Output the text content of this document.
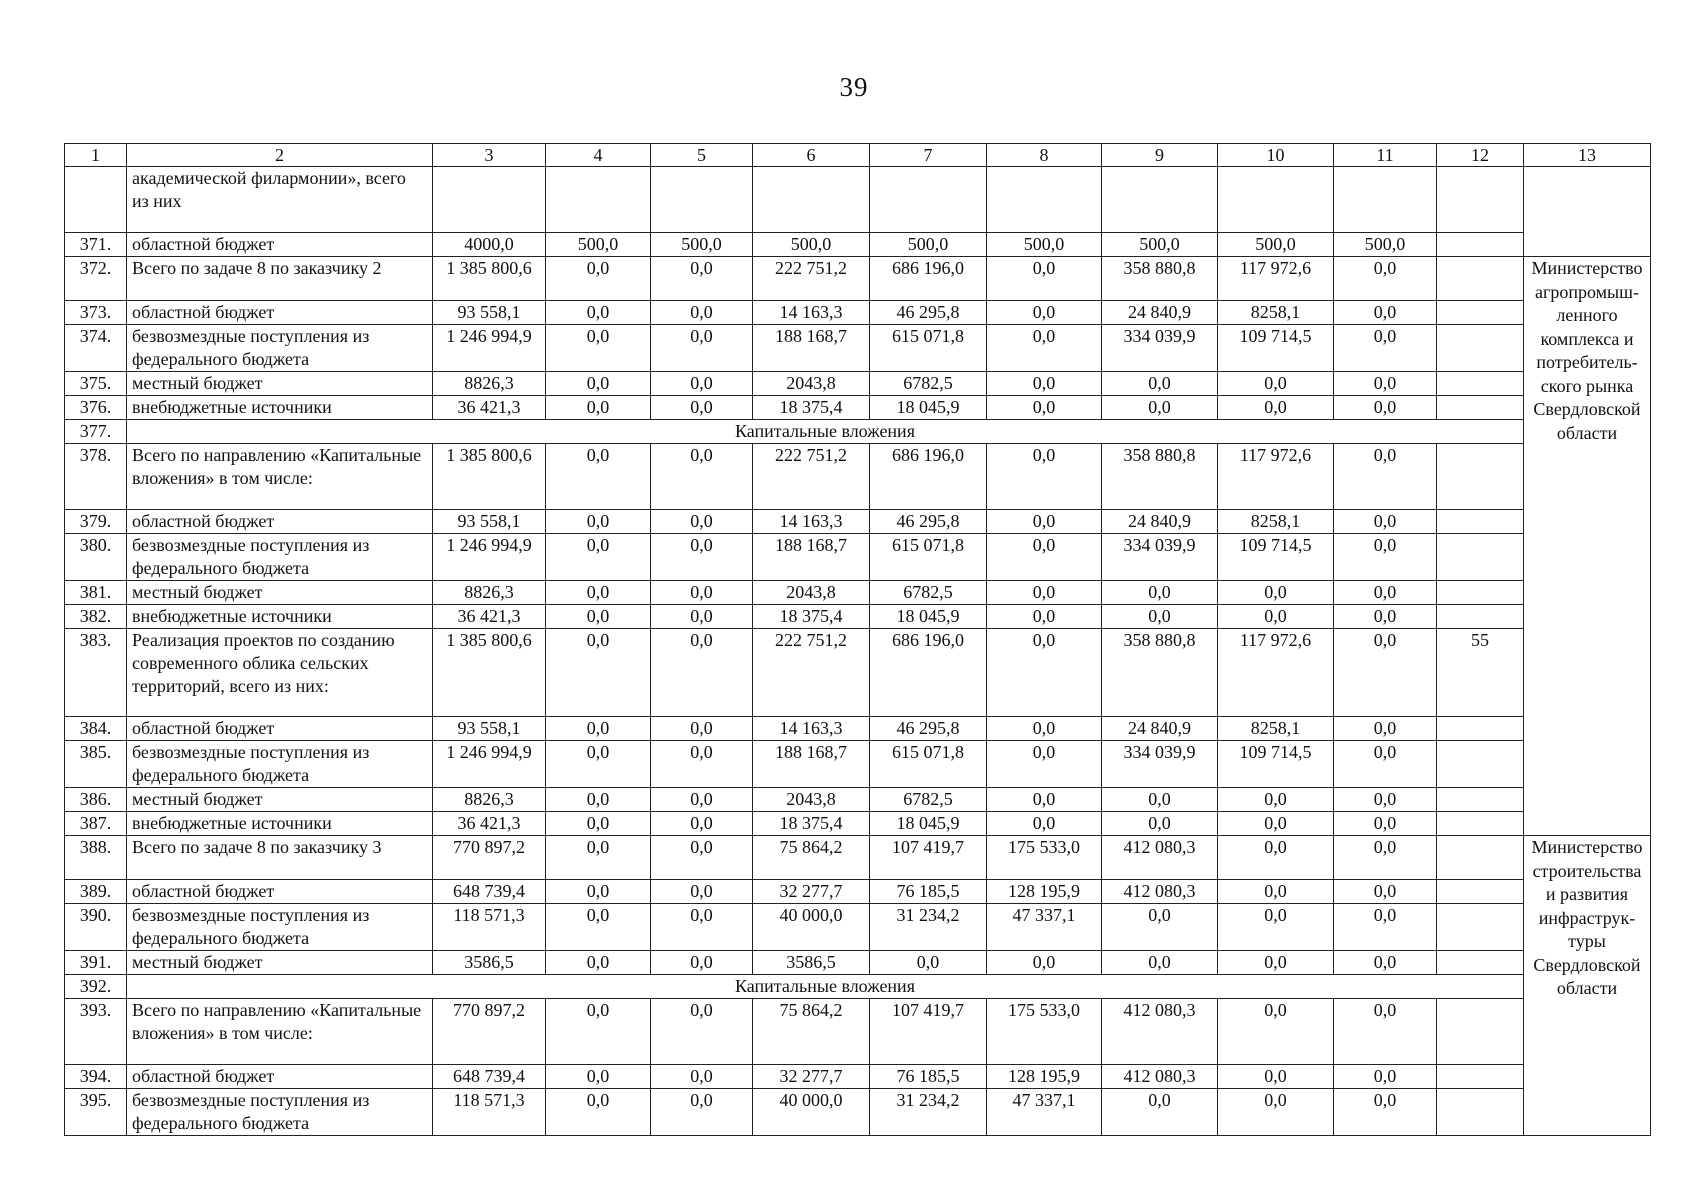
39
1	2	3	4	5	6	7	8	9	10	11	12	13
	академической филармонии», всего из них											
371.	областной бюджет	4000,0	500,0	500,0	500,0	500,0	500,0	500,0	500,0	500,0		
372.	Всего по задаче 8 по заказчику 2	1 385 800,6	0,0	0,0	222 751,2	686 196,0	0,0	358 880,8	117 972,6	0,0		Министерство агропромыш-ленного комплекса и потребитель-ского рынка Свердловской области
373.	областной бюджет	93 558,1	0,0	0,0	14 163,3	46 295,8	0,0	24 840,9	8258,1	0,0		
374.	безвозмездные поступления из федерального бюджета	1 246 994,9	0,0	0,0	188 168,7	615 071,8	0,0	334 039,9	109 714,5	0,0		
375.	местный бюджет	8826,3	0,0	0,0	2043,8	6782,5	0,0	0,0	0,0	0,0		
376.	внебюджетные источники	36 421,3	0,0	0,0	18 375,4	18 045,9	0,0	0,0	0,0	0,0		
377.	Капитальные вложения											
378.	Всего по направлению «Капитальные вложения» в том числе:	1 385 800,6	0,0	0,0	222 751,2	686 196,0	0,0	358 880,8	117 972,6	0,0		
379.	областной бюджет	93 558,1	0,0	0,0	14 163,3	46 295,8	0,0	24 840,9	8258,1	0,0		
380.	безвозмездные поступления из федерального бюджета	1 246 994,9	0,0	0,0	188 168,7	615 071,8	0,0	334 039,9	109 714,5	0,0		
381.	местный бюджет	8826,3	0,0	0,0	2043,8	6782,5	0,0	0,0	0,0	0,0		
382.	внебюджетные источники	36 421,3	0,0	0,0	18 375,4	18 045,9	0,0	0,0	0,0	0,0		
383.	Реализация проектов по созданию современного облика сельских территорий, всего из них:	1 385 800,6	0,0	0,0	222 751,2	686 196,0	0,0	358 880,8	117 972,6	0,0	55	
384.	областной бюджет	93 558,1	0,0	0,0	14 163,3	46 295,8	0,0	24 840,9	8258,1	0,0		
385.	безвозмездные поступления из федерального бюджета	1 246 994,9	0,0	0,0	188 168,7	615 071,8	0,0	334 039,9	109 714,5	0,0		
386.	местный бюджет	8826,3	0,0	0,0	2043,8	6782,5	0,0	0,0	0,0	0,0		
387.	внебюджетные источники	36 421,3	0,0	0,0	18 375,4	18 045,9	0,0	0,0	0,0	0,0		
388.	Всего по задаче 8 по заказчику 3	770 897,2	0,0	0,0	75 864,2	107 419,7	175 533,0	412 080,3	0,0	0,0		Министерство строительства и развития инфраструк-туры Свердловской области
389.	областной бюджет	648 739,4	0,0	0,0	32 277,7	76 185,5	128 195,9	412 080,3	0,0	0,0		
390.	безвозмездные поступления из федерального бюджета	118 571,3	0,0	0,0	40 000,0	31 234,2	47 337,1	0,0	0,0	0,0		
391.	местный бюджет	3586,5	0,0	0,0	3586,5	0,0	0,0	0,0	0,0	0,0		
392.	Капитальные вложения											
393.	Всего по направлению «Капитальные вложения» в том числе:	770 897,2	0,0	0,0	75 864,2	107 419,7	175 533,0	412 080,3	0,0	0,0		
394.	областной бюджет	648 739,4	0,0	0,0	32 277,7	76 185,5	128 195,9	412 080,3	0,0	0,0		
395.	безвозмездные поступления из федерального бюджета	118 571,3	0,0	0,0	40 000,0	31 234,2	47 337,1	0,0	0,0	0,0		
